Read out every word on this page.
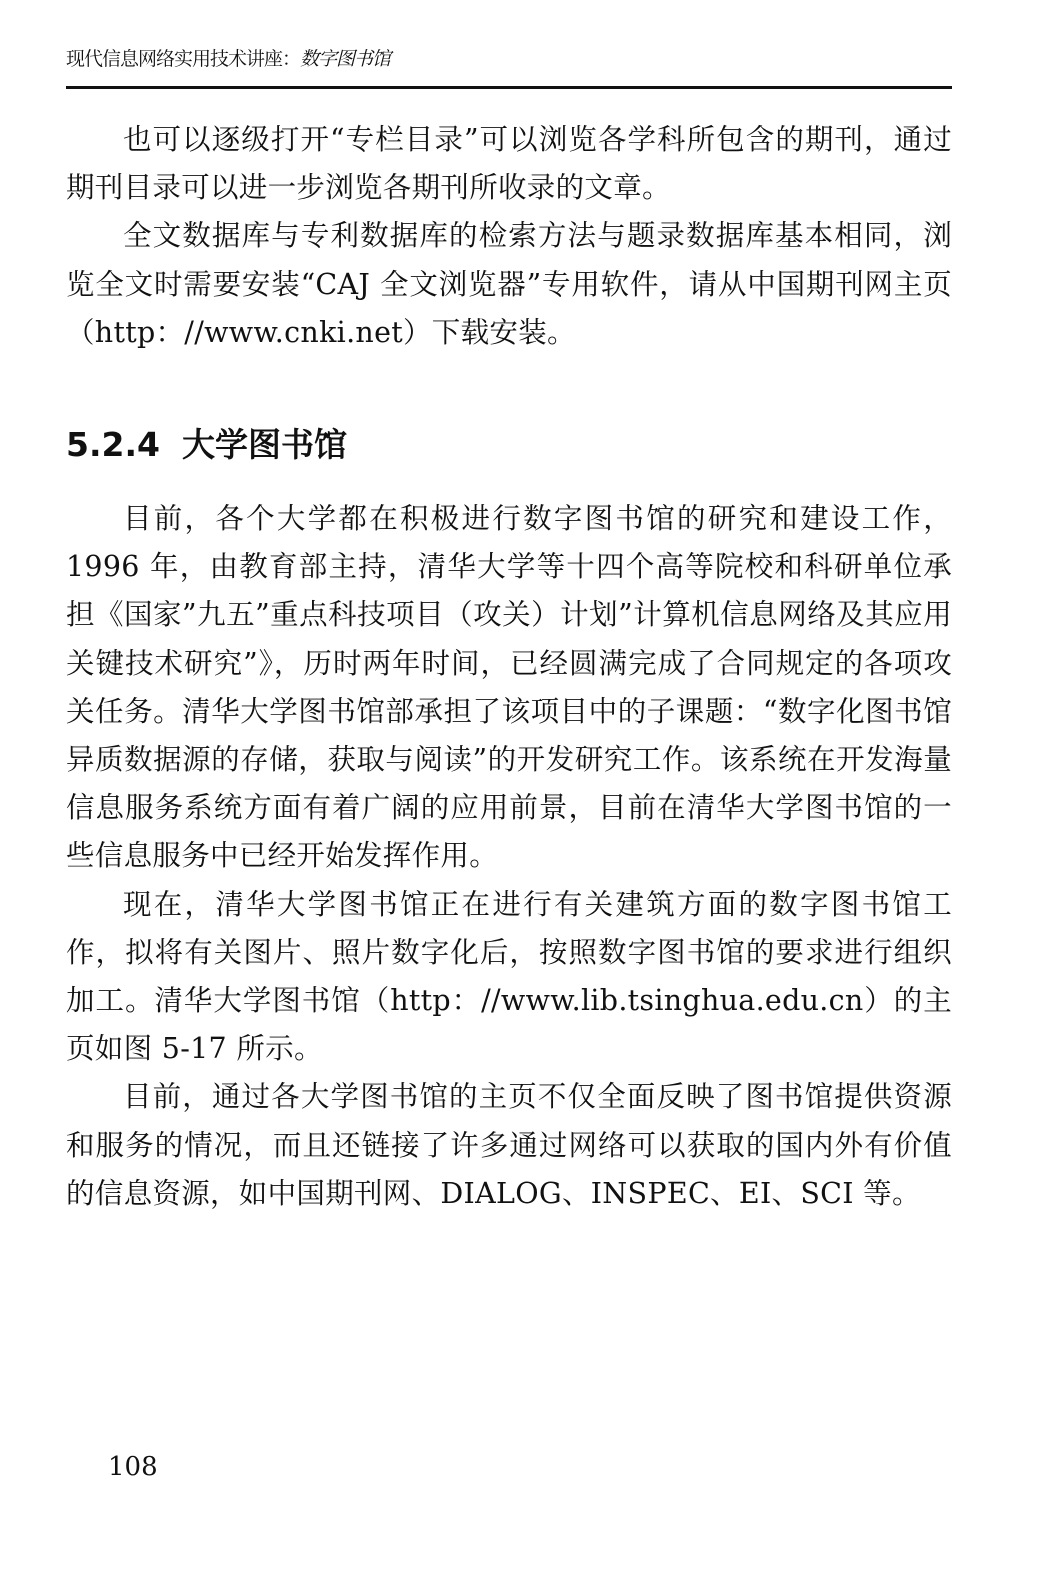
现代信息网络实用技术讲座：数字图书馆

也可以逐级打开“专栏目录”可以浏览各学科所包含的期刊，通过期刊目录可以进一步浏览各期刊所收录的文章。

全文数据库与专利数据库的检索方法与题录数据库基本相同，浏览全文时需要安装“CAJ 全文浏览器”专用软件，请从中国期刊网主页（http：//www.cnki.net）下载安装。

5.2.4 大学图书馆

目前，各个大学都在积极进行数字图书馆的研究和建设工作，1996 年，由教育部主持，清华大学等十四个高等院校和科研单位承担《国家”九五”重点科技项目（攻关）计划”计算机信息网络及其应用关键技术研究”》，历时两年时间，已经圆满完成了合同规定的各项攻关任务。清华大学图书馆部承担了该项目中的子课题：“数字化图书馆异质数据源的存储，获取与阅读”的开发研究工作。该系统在开发海量信息服务系统方面有着广阔的应用前景，目前在清华大学图书馆的一些信息服务中已经开始发挥作用。

现在，清华大学图书馆正在进行有关建筑方面的数字图书馆工作，拟将有关图片、照片数字化后，按照数字图书馆的要求进行组织加工。清华大学图书馆（http：//www.lib.tsinghua.edu.cn）的主页如图 5-17 所示。

目前，通过各大学图书馆的主页不仅全面反映了图书馆提供资源和服务的情况，而且还链接了许多通过网络可以获取的国内外有价值的信息资源，如中国期刊网、DIALOG、INSPEC、EI、SCI 等。

108
